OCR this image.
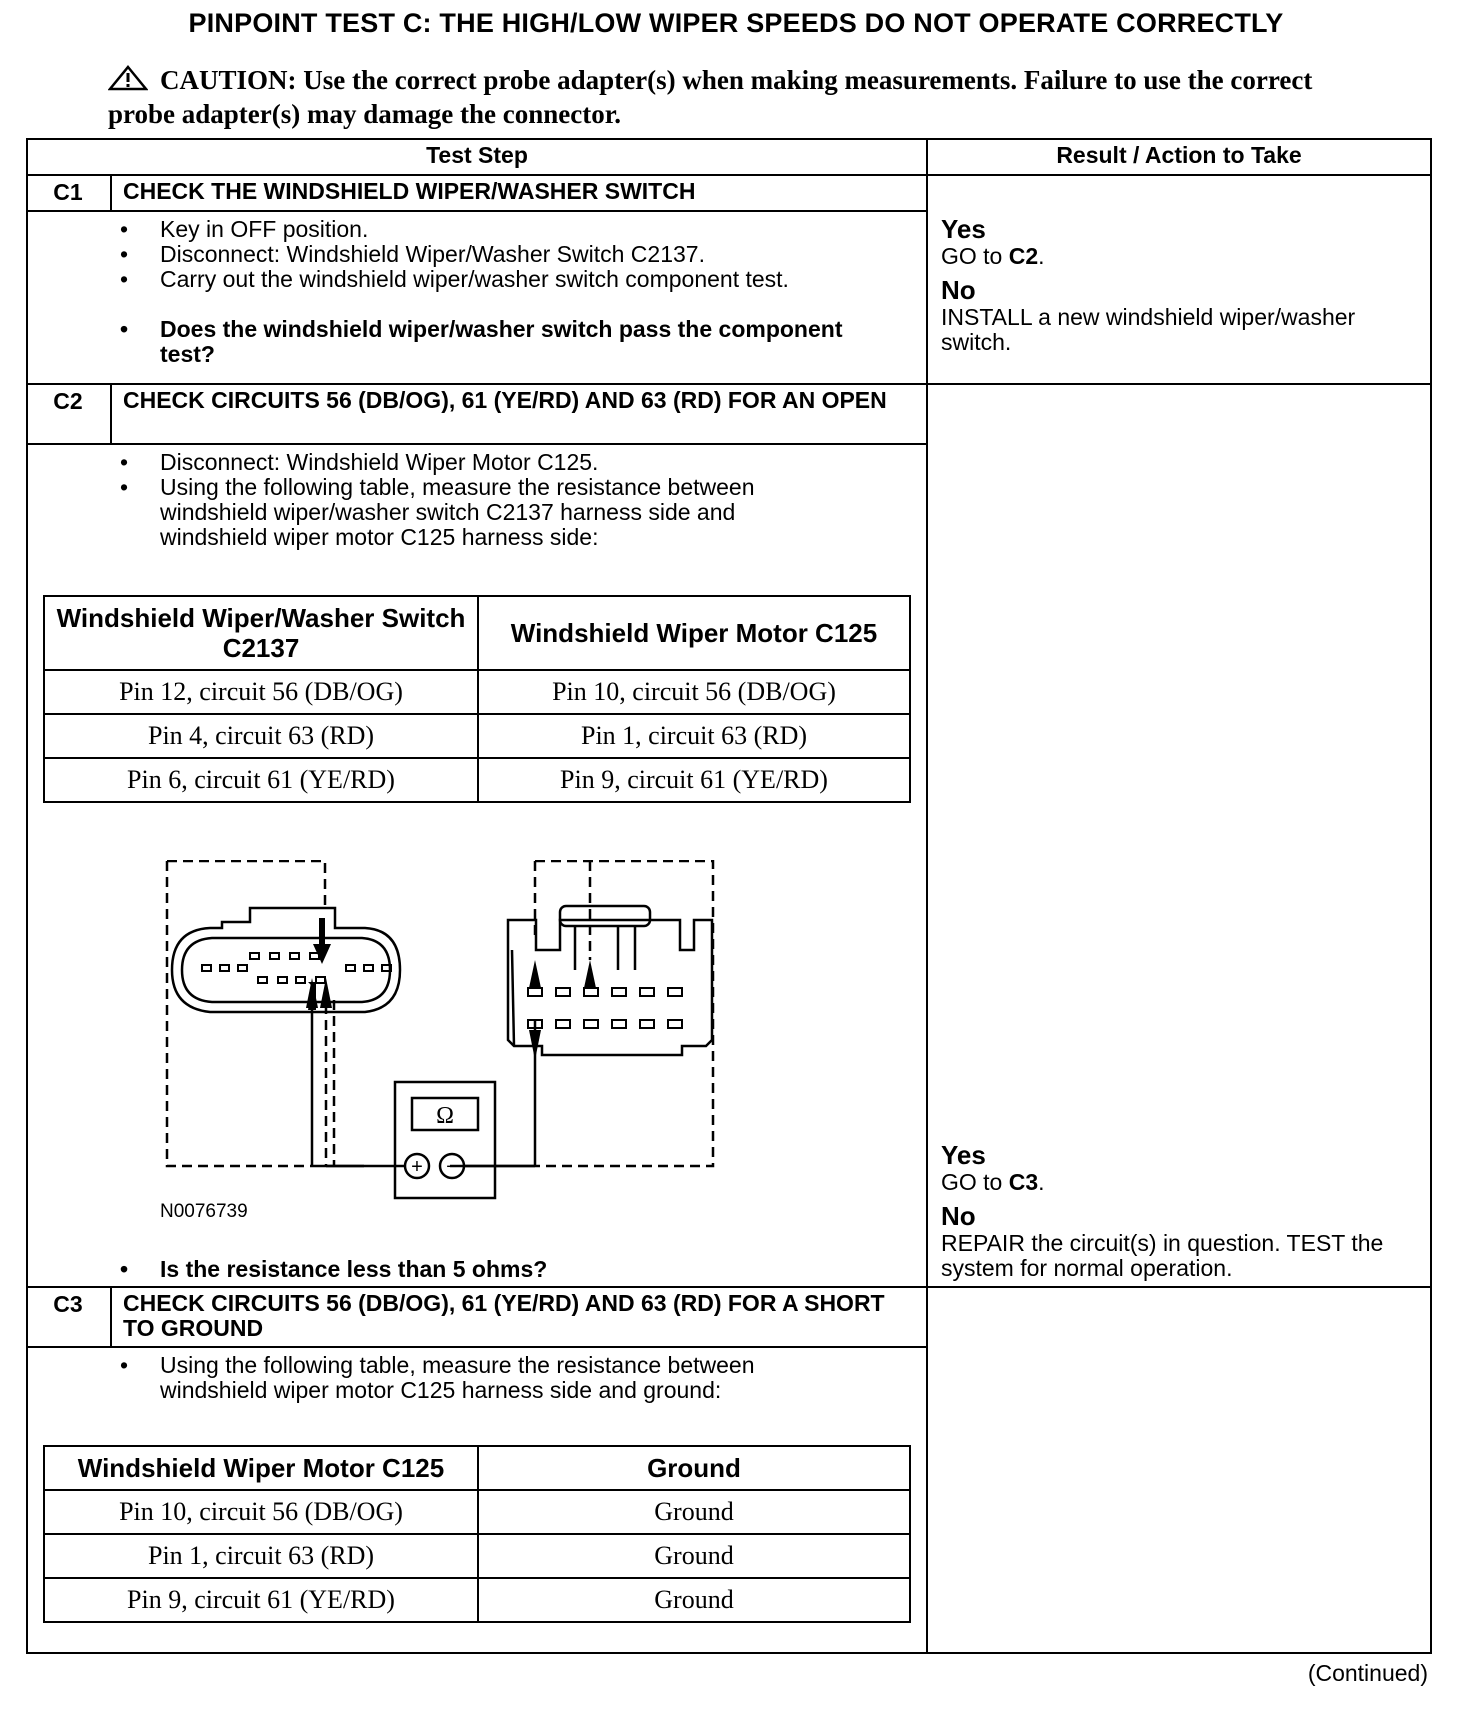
PINPOINT TEST C: THE HIGH/LOW WIPER SPEEDS DO NOT OPERATE CORRECTLY
CAUTION: Use the correct probe adapter(s) when making measurements. Failure to use the correct probe adapter(s) may damage the connector.
Test Step	Result / Action to Take
C1	CHECK THE WINDSHIELD WIPER/WASHER SWITCH
• Key in OFF position.
• Disconnect: Windshield Wiper/Washer Switch C2137.
• Carry out the windshield wiper/washer switch component test.
• Does the windshield wiper/washer switch pass the component test?
Yes
GO to C2.
No
INSTALL a new windshield wiper/washer switch.
C2	CHECK CIRCUITS 56 (DB/OG), 61 (YE/RD) AND 63 (RD) FOR AN OPEN
• Disconnect: Windshield Wiper Motor C125.
• Using the following table, measure the resistance between windshield wiper/washer switch C2137 harness side and windshield wiper motor C125 harness side:
Windshield Wiper/Washer Switch C2137	Windshield Wiper Motor C125
Pin 12, circuit 56 (DB/OG)	Pin 10, circuit 56 (DB/OG)
Pin 4, circuit 63 (RD)	Pin 1, circuit 63 (RD)
Pin 6, circuit 61 (YE/RD)	Pin 9, circuit 61 (YE/RD)
Ω
+ −
N0076739
• Is the resistance less than 5 ohms?
Yes
GO to C3.
No
REPAIR the circuit(s) in question. TEST the system for normal operation.
C3	CHECK CIRCUITS 56 (DB/OG), 61 (YE/RD) AND 63 (RD) FOR A SHORT TO GROUND
• Using the following table, measure the resistance between windshield wiper motor C125 harness side and ground:
Windshield Wiper Motor C125	Ground
Pin 10, circuit 56 (DB/OG)	Ground
Pin 1, circuit 63 (RD)	Ground
Pin 9, circuit 61 (YE/RD)	Ground
(Continued)
